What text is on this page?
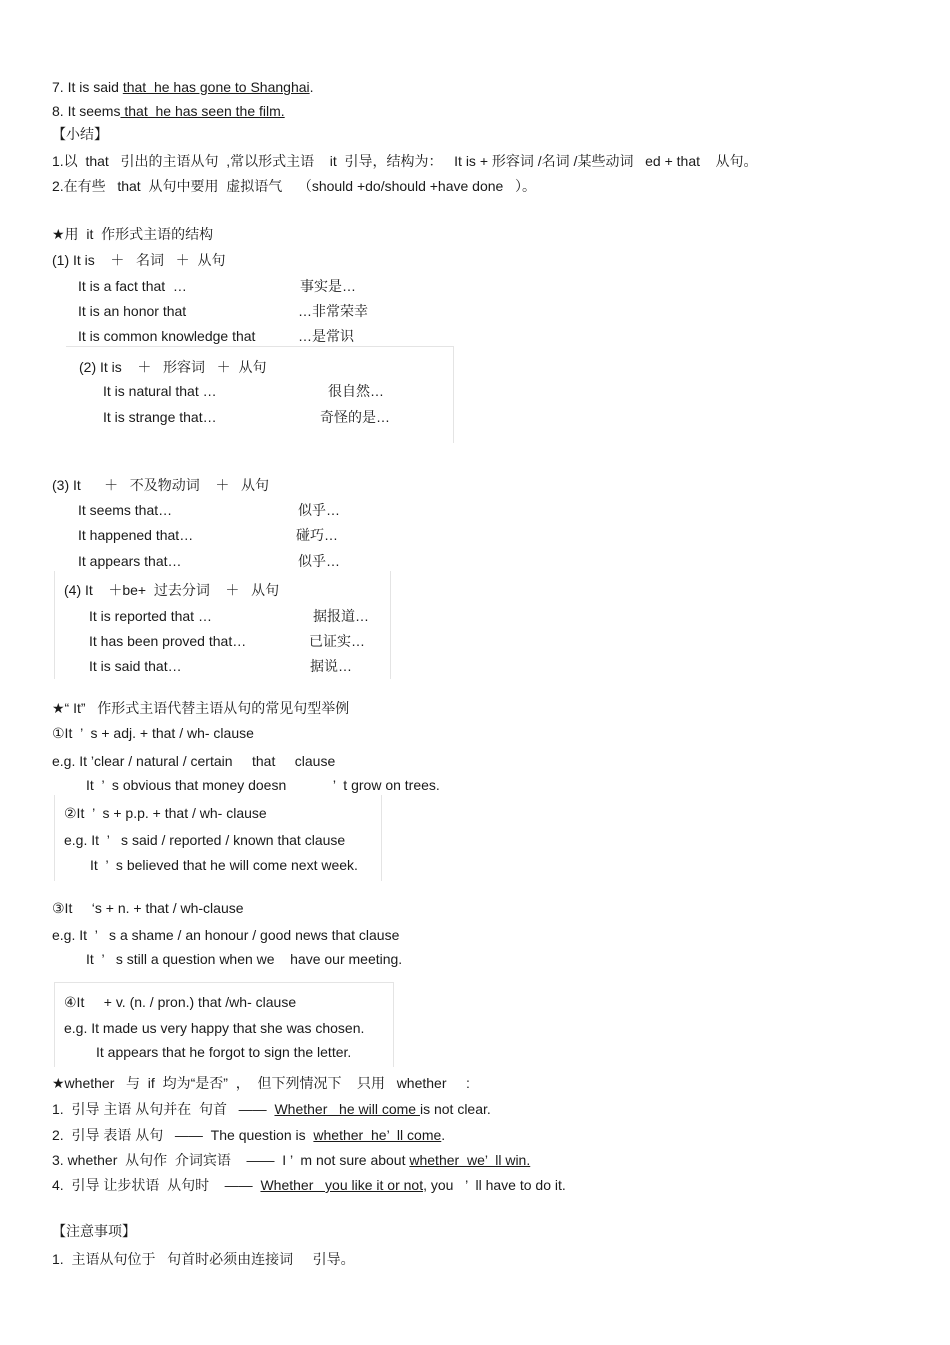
7. It is said that  he has gone to Shanghai.
8. It seems that  he has seen the film.
【小结】
1.以  that   引出的主语从句  ,常以形式主语    it  引导，结构为：   It is + 形容词 /名词 /某些动词   ed + that    从句。
2.在有些   that  从句中要用  虚拟语气    （should +do/should +have done   ）。
★用  it  作形式主语的结构
(1) It is    ＋   名词   ＋  从句
It is a fact that  …	事实是…
It is an honor that	…非常荣幸
It is common knowledge that	…是常识
(2) It is    ＋   形容词   ＋  从句
It is natural that …	很自然…
It is strange that…	奇怪的是…
(3) It      ＋   不及物动词    ＋   从句
It seems that…	似乎…
It happened that…	碰巧…
It appears that…	似乎…
(4) It    ＋be+  过去分词    ＋   从句
It is reported that …	据报道…
It has been proved that…	已证实…
It is said that…	据说…
★“ It”   作形式主语代替主语从句的常见句型举例
①It  ’  s + adj. + that / wh- clause
e.g. It ’clear / natural / certain     that     clause
It  ’  s obvious that money doesn            ’  t grow on trees.
②It  ’  s + p.p. + that / wh- clause
e.g. It  ’   s said / reported / known that clause
It  ’  s believed that he will come next week.
③It     ‘s + n. + that / wh-clause
e.g. It  ’   s a shame / an honour / good news that clause
It  ’   s still a question when we    have our meeting.
④It     + v. (n. / pron.) that /wh- clause
e.g. It made us very happy that she was chosen.
It appears that he forgot to sign the letter.
★whether   与  if  均为“是否”  ，  但下列情况下    只用   whether     :
1.  引导 主语 从句并在  句首   ——  Whether   he will come is not clear.
2.  引导 表语 从句   ——  The question is  whether  he’  ll come.
3. whether  从句作  介词宾语    ——  I ’  m not sure about whether  we’  ll win.
4.  引导 让步状语  从句时    ——  Whether   you like it or not, you   ’  ll have to do it.
【注意事项】
1.  主语从句位于   句首时必须由连接词     引导。
